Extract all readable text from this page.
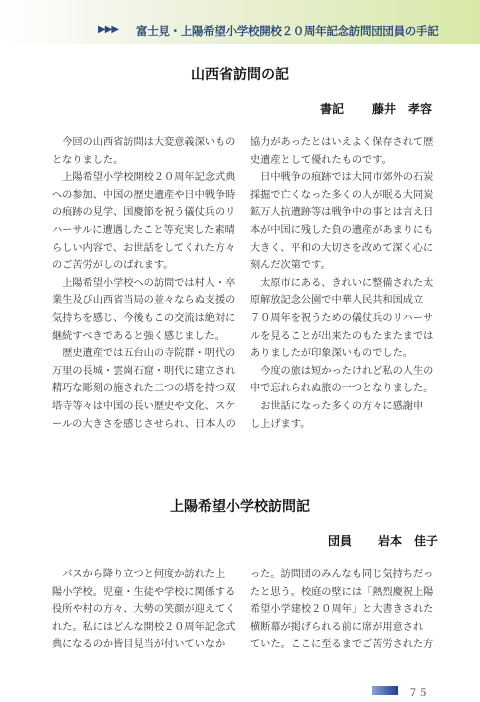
▶▶▶ 富士見・上陽希望小学校開校２０周年記念訪問団団員の手記
山西省訪問の記
書記 藤井　孝容

今回の山西省訪問は大変意義深いもの
となりました。

上陽希望小学校開校２０周年記念式典
への参加、中国の歴史遺産や日中戦争時
の痕跡の見学、国慶節を祝う儀仗兵のリ
ハーサルに遭遇したこと等充実した素晴
らしい内容で、お世話をしてくれた方々
のご苦労がしのばれます。

上陽希望小学校への訪問では村人・卒
業生及び山西省当局の並々ならぬ支援の
気持ちを感じ、今後もこの交流は絶対に
継続すべきであると強く感じました。

歴史遺産では五台山の寺院群・明代の
万里の長城・雲崗石窟・明代に建立され
精巧な彫刻の施された二つの塔を持つ双
塔寺等々は中国の長い歴史や文化、スケ
ールの大きさを感じさせられ、日本人の

協力があったとはいえよく保存されて歴
史遺産として優れたものです。

日中戦争の痕跡では大同市郊外の石炭
採掘で亡くなった多くの人が眠る大同炭
鉱万人抗遺跡等は戦争中の事とは言え日
本が中国に残した負の遺産があまりにも
大きく、平和の大切さを改めて深く心に
刻んだ次第です。

太原市にある、きれいに整備された太
原解放記念公園で中華人民共和国成立
７０周年を祝うための儀仗兵のリハーサ
ルを見ることが出来たのもたまたまでは
ありましたが印象深いものでした。

今度の旅は短かったけれど私の人生の
中で忘れられぬ旅の一つとなりました。

お世話になった多くの方々に感謝申
し上げます。

上陽希望小学校訪問記
団員 岩本　佳子

バスから降り立つと何度か訪れた上
陽小学校。児童・生徒や学校に関係する
役所や村の方々、大勢の笑顔が迎えてく
れた。私にはどんな開校２０周年記念式
典になるのか皆目見当が付いていなか

った。訪問団のみんなも同じ気持ちだっ
たと思う。校庭の壁には「熱烈慶祝上陽
希望小学建校２０周年」と大書きされた
横断幕が掲げられる前に席が用意され
ていた。ここに至るまでご苦労された方

７５
